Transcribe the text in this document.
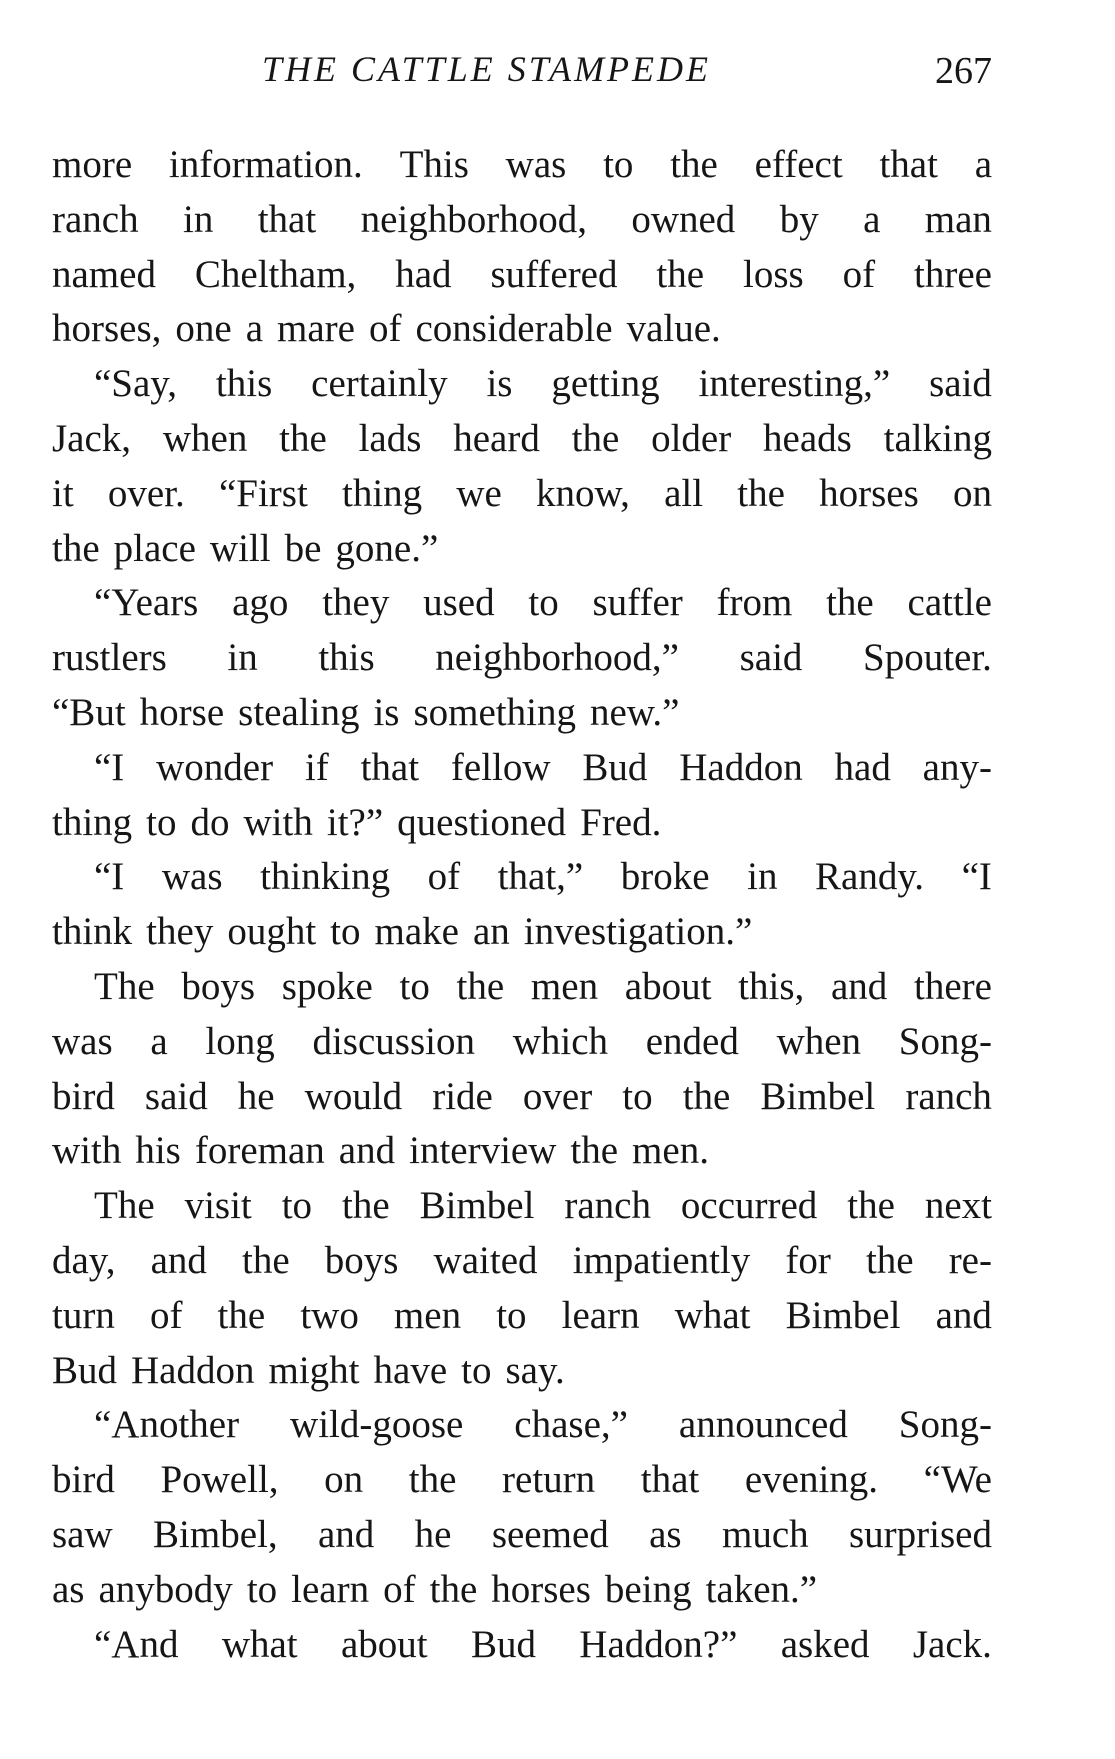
THE CATTLE STAMPEDE	267
more information. This was to the effect that a
ranch in that neighborhood, owned by a man
named Cheltham, had suffered the loss of three
horses, one a mare of considerable value.
“Say, this certainly is getting interesting,” said
Jack, when the lads heard the older heads talking
it over. “First thing we know, all the horses on
the place will be gone.”
“Years ago they used to suffer from the cattle
rustlers in this neighborhood,” said Spouter.
“But horse stealing is something new.”
“I wonder if that fellow Bud Haddon had any-
thing to do with it?” questioned Fred.
“I was thinking of that,” broke in Randy. “I
think they ought to make an investigation.”
The boys spoke to the men about this, and there
was a long discussion which ended when Song-
bird said he would ride over to the Bimbel ranch
with his foreman and interview the men.
The visit to the Bimbel ranch occurred the next
day, and the boys waited impatiently for the re-
turn of the two men to learn what Bimbel and
Bud Haddon might have to say.
“Another wild-goose chase,” announced Song-
bird Powell, on the return that evening. “We
saw Bimbel, and he seemed as much surprised
as anybody to learn of the horses being taken.”
“And what about Bud Haddon?” asked Jack.
